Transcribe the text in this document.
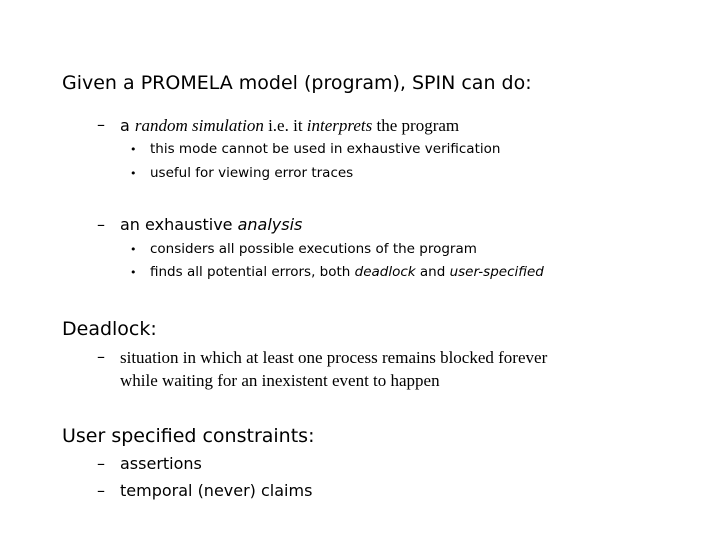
Given a PROMELA model (program), SPIN can do:
– a random simulation i.e. it interprets the program
• this mode cannot be used in exhaustive verification
• useful for viewing error traces
– an exhaustive analysis
• considers all possible executions of the program
• finds all potential errors, both deadlock and user-specified
Deadlock:
– situation in which at least one process remains blocked forever
while waiting for an inexistent event to happen
User specified constraints:
– assertions
– temporal (never) claims
